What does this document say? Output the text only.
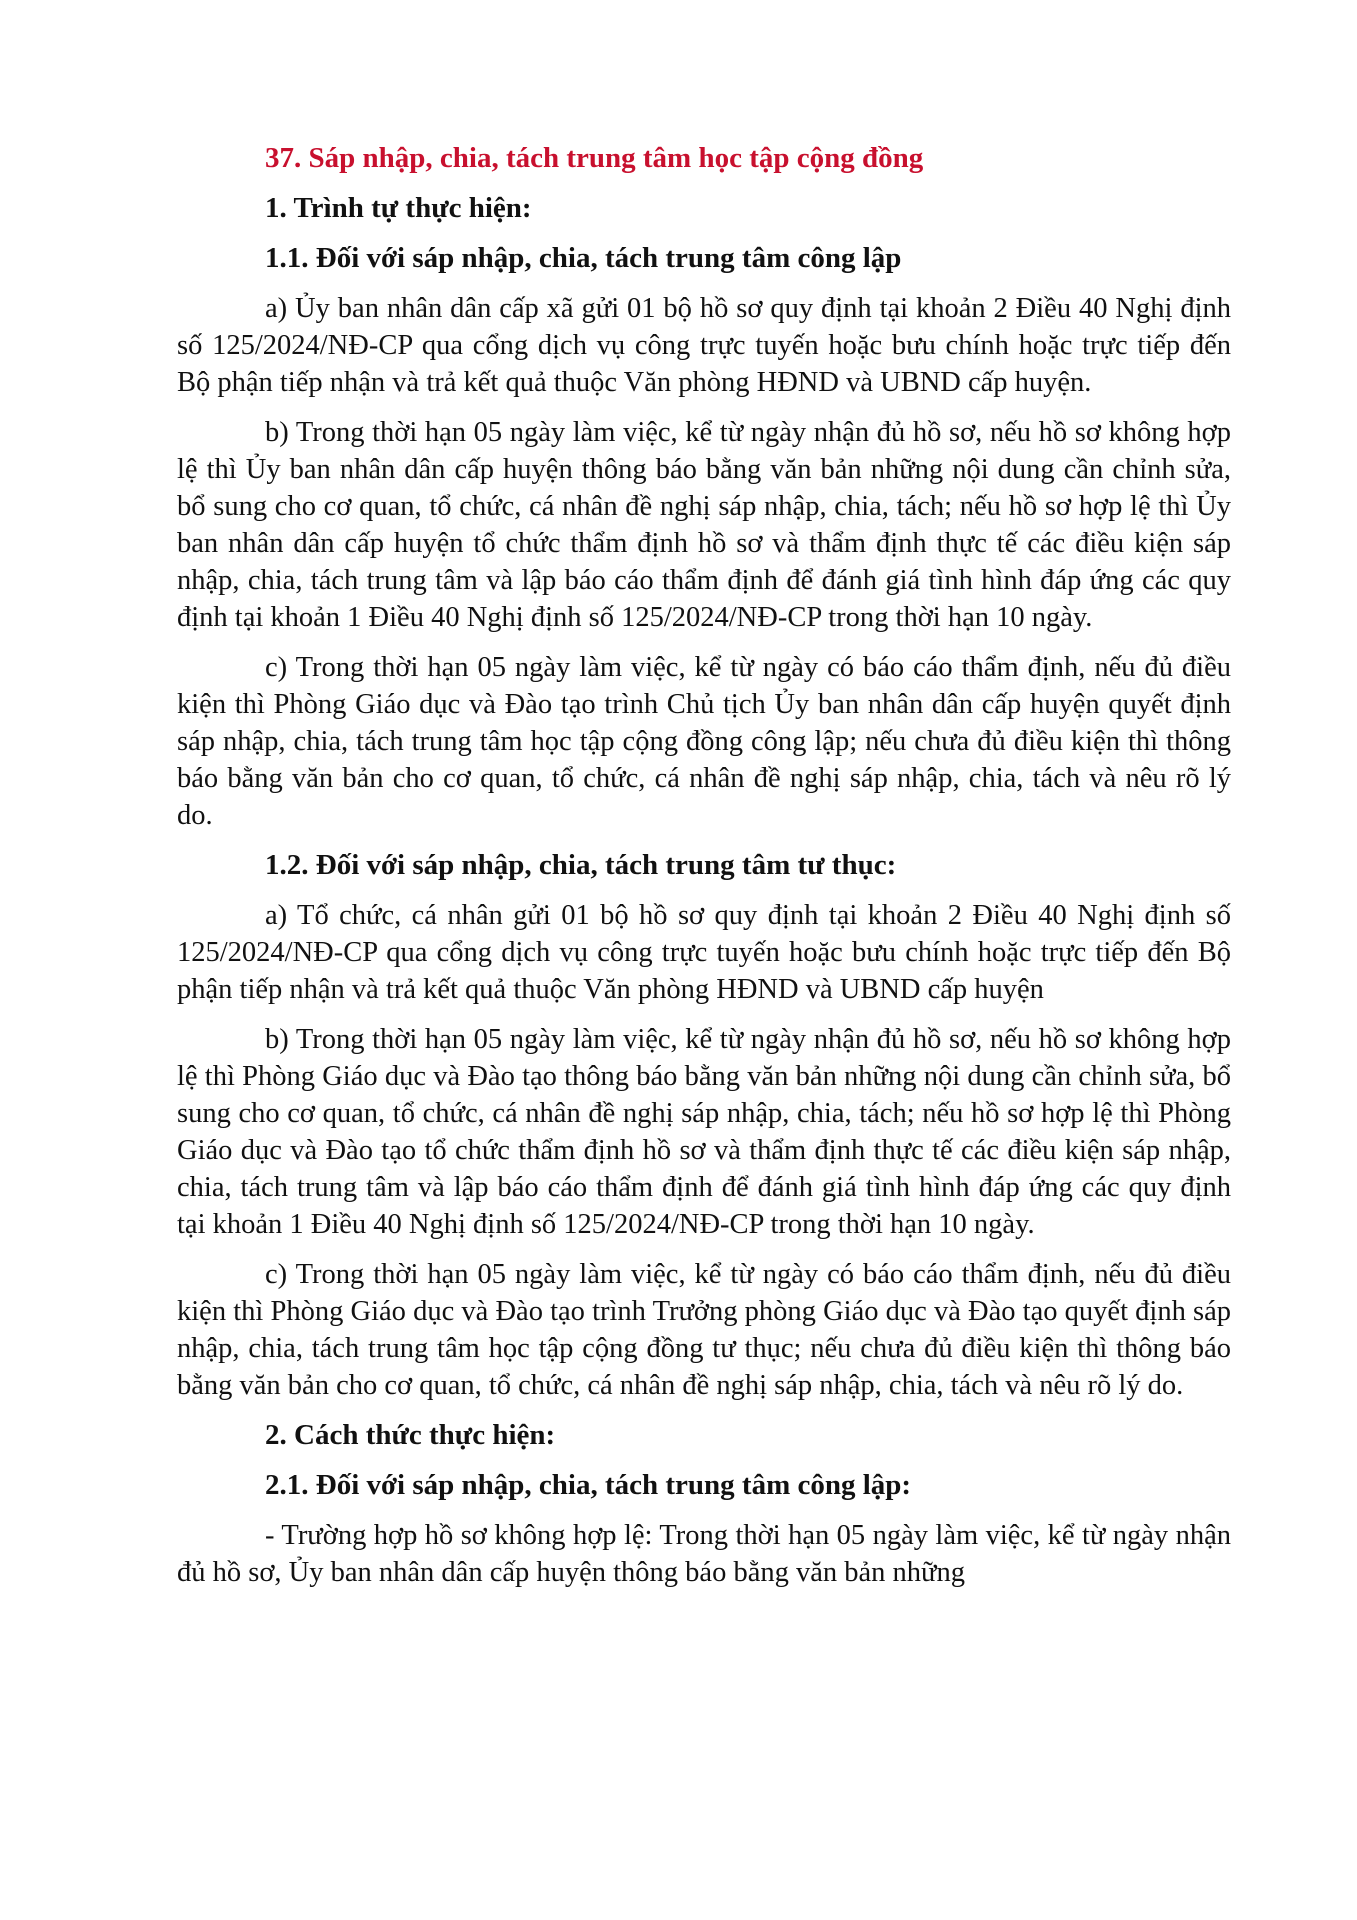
37. Sáp nhập, chia, tách trung tâm học tập cộng đồng

1. Trình tự thực hiện:

1.1. Đối với sáp nhập, chia, tách trung tâm công lập

a) Ủy ban nhân dân cấp xã gửi 01 bộ hồ sơ quy định tại khoản 2 Điều 40 Nghị định số 125/2024/NĐ-CP qua cổng dịch vụ công trực tuyến hoặc bưu chính hoặc trực tiếp đến Bộ phận tiếp nhận và trả kết quả thuộc Văn phòng HĐND và UBND cấp huyện.

b) Trong thời hạn 05 ngày làm việc, kể từ ngày nhận đủ hồ sơ, nếu hồ sơ không hợp lệ thì Ủy ban nhân dân cấp huyện thông báo bằng văn bản những nội dung cần chỉnh sửa, bổ sung cho cơ quan, tổ chức, cá nhân đề nghị sáp nhập, chia, tách; nếu hồ sơ hợp lệ thì Ủy ban nhân dân cấp huyện tổ chức thẩm định hồ sơ và thẩm định thực tế các điều kiện sáp nhập, chia, tách trung tâm và lập báo cáo thẩm định để đánh giá tình hình đáp ứng các quy định tại khoản 1 Điều 40 Nghị định số 125/2024/NĐ-CP trong thời hạn 10 ngày.

c) Trong thời hạn 05 ngày làm việc, kể từ ngày có báo cáo thẩm định, nếu đủ điều kiện thì Phòng Giáo dục và Đào tạo trình Chủ tịch Ủy ban nhân dân cấp huyện quyết định sáp nhập, chia, tách trung tâm học tập cộng đồng công lập; nếu chưa đủ điều kiện thì thông báo bằng văn bản cho cơ quan, tổ chức, cá nhân đề nghị sáp nhập, chia, tách và nêu rõ lý do.

1.2. Đối với sáp nhập, chia, tách trung tâm tư thục:

a) Tổ chức, cá nhân gửi 01 bộ hồ sơ quy định tại khoản 2 Điều 40 Nghị định số 125/2024/NĐ-CP qua cổng dịch vụ công trực tuyến hoặc bưu chính hoặc trực tiếp đến Bộ phận tiếp nhận và trả kết quả thuộc Văn phòng HĐND và UBND cấp huyện

b) Trong thời hạn 05 ngày làm việc, kể từ ngày nhận đủ hồ sơ, nếu hồ sơ không hợp lệ thì Phòng Giáo dục và Đào tạo thông báo bằng văn bản những nội dung cần chỉnh sửa, bổ sung cho cơ quan, tổ chức, cá nhân đề nghị sáp nhập, chia, tách; nếu hồ sơ hợp lệ thì Phòng Giáo dục và Đào tạo tổ chức thẩm định hồ sơ và thẩm định thực tế các điều kiện sáp nhập, chia, tách trung tâm và lập báo cáo thẩm định để đánh giá tình hình đáp ứng các quy định tại khoản 1 Điều 40 Nghị định số 125/2024/NĐ-CP trong thời hạn 10 ngày.

c) Trong thời hạn 05 ngày làm việc, kể từ ngày có báo cáo thẩm định, nếu đủ điều kiện thì Phòng Giáo dục và Đào tạo trình Trưởng phòng Giáo dục và Đào tạo quyết định sáp nhập, chia, tách trung tâm học tập cộng đồng tư thục; nếu chưa đủ điều kiện thì thông báo bằng văn bản cho cơ quan, tổ chức, cá nhân đề nghị sáp nhập, chia, tách và nêu rõ lý do.

2. Cách thức thực hiện:

2.1. Đối với sáp nhập, chia, tách trung tâm công lập:

- Trường hợp hồ sơ không hợp lệ: Trong thời hạn 05 ngày làm việc, kể từ ngày nhận đủ hồ sơ, Ủy ban nhân dân cấp huyện thông báo bằng văn bản những
